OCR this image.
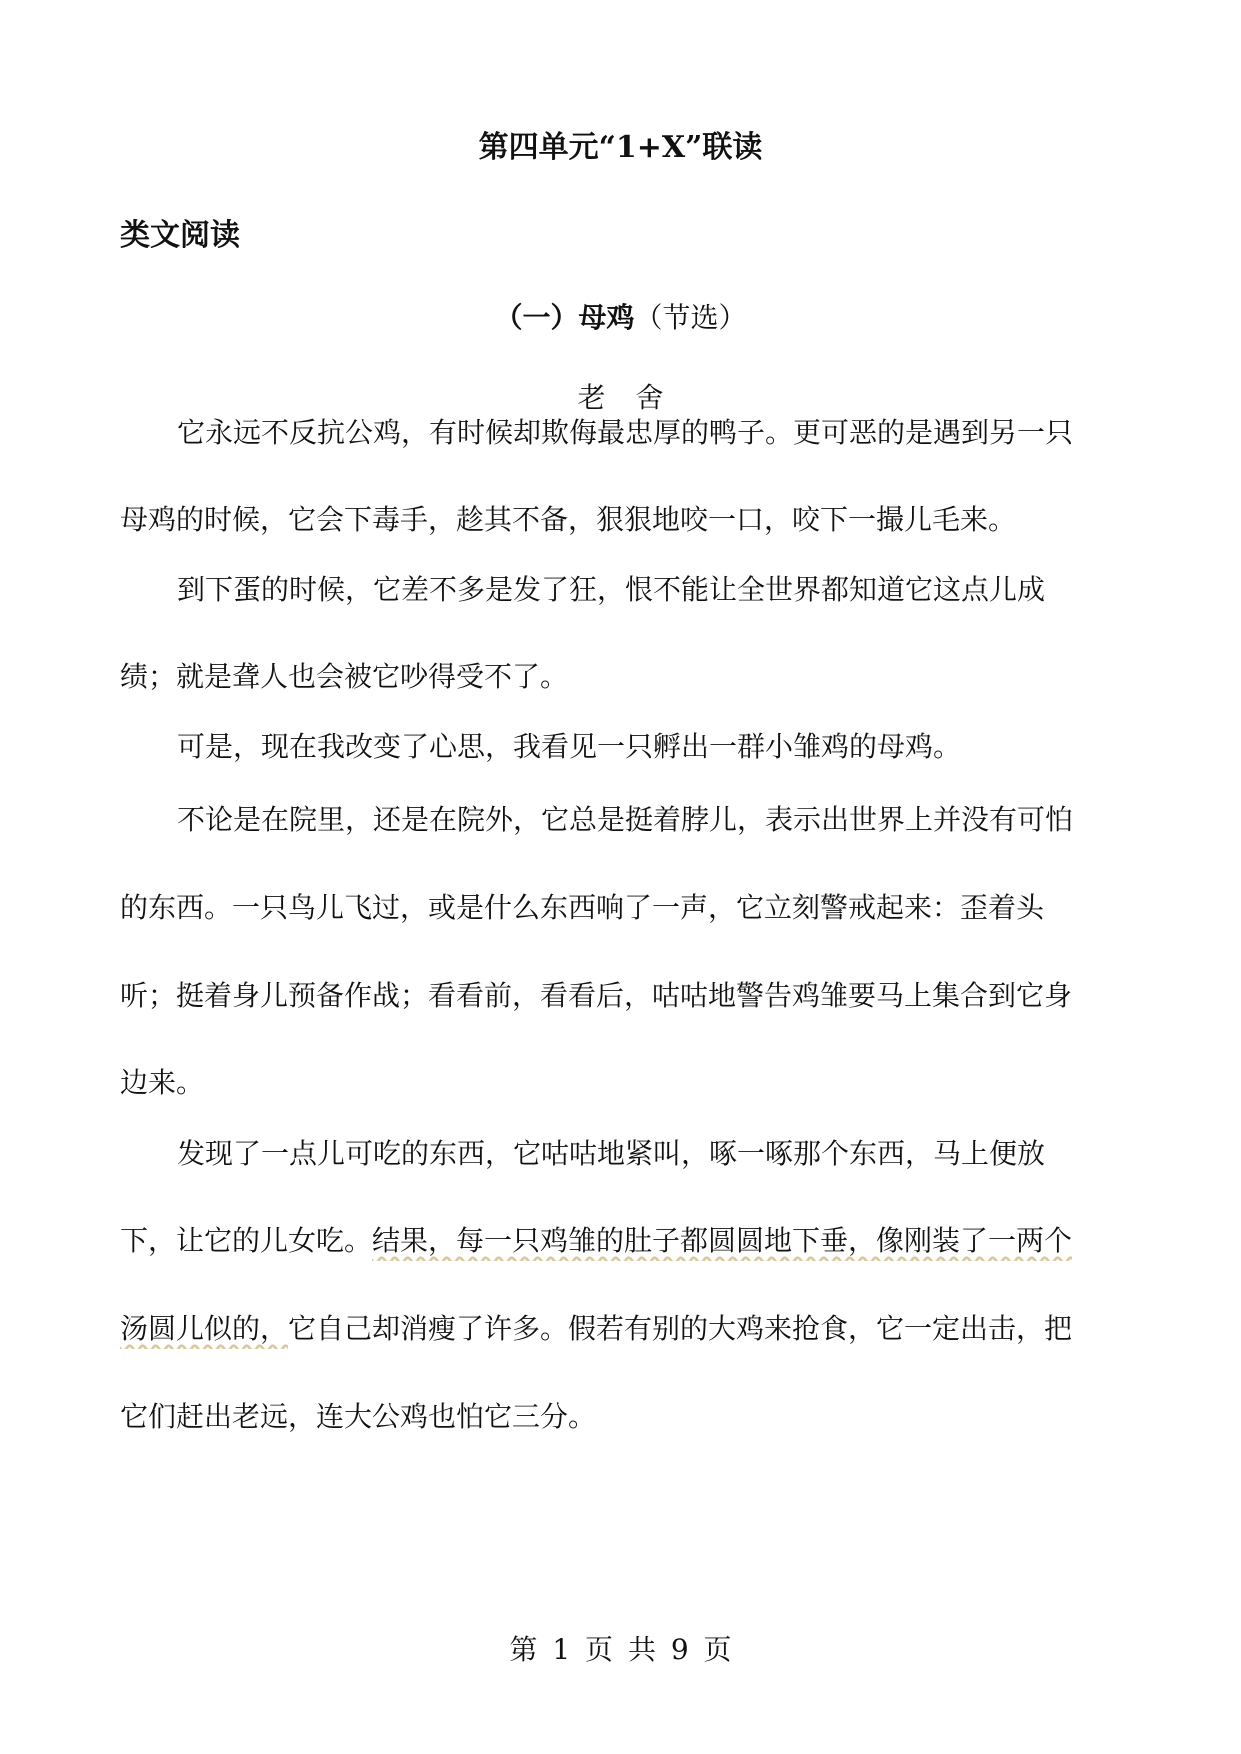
第四单元“1+X”联读
类文阅读
（一）母鸡（节选）
老舍
它永远不反抗公鸡，有时候却欺侮最忠厚的鸭子。更可恶的是遇到另一只
母鸡的时候，它会下毒手，趁其不备，狠狠地咬一口，咬下一撮儿毛来。
到下蛋的时候，它差不多是发了狂，恨不能让全世界都知道它这点儿成
绩；就是聋人也会被它吵得受不了。
可是，现在我改变了心思，我看见一只孵出一群小雏鸡的母鸡。
不论是在院里，还是在院外，它总是挺着脖儿，表示出世界上并没有可怕
的东西。一只鸟儿飞过，或是什么东西响了一声，它立刻警戒起来：歪着头
听；挺着身儿预备作战；看看前，看看后，咕咕地警告鸡雏要马上集合到它身
边来。
发现了一点儿可吃的东西，它咕咕地紧叫，啄一啄那个东西，马上便放
下，让它的儿女吃。结果，每一只鸡雏的肚子都圆圆地下垂，像刚装了一两个
汤圆儿似的，它自己却消瘦了许多。假若有别的大鸡来抢食，它一定出击，把
它们赶出老远，连大公鸡也怕它三分。
第 1 页 共 9 页
